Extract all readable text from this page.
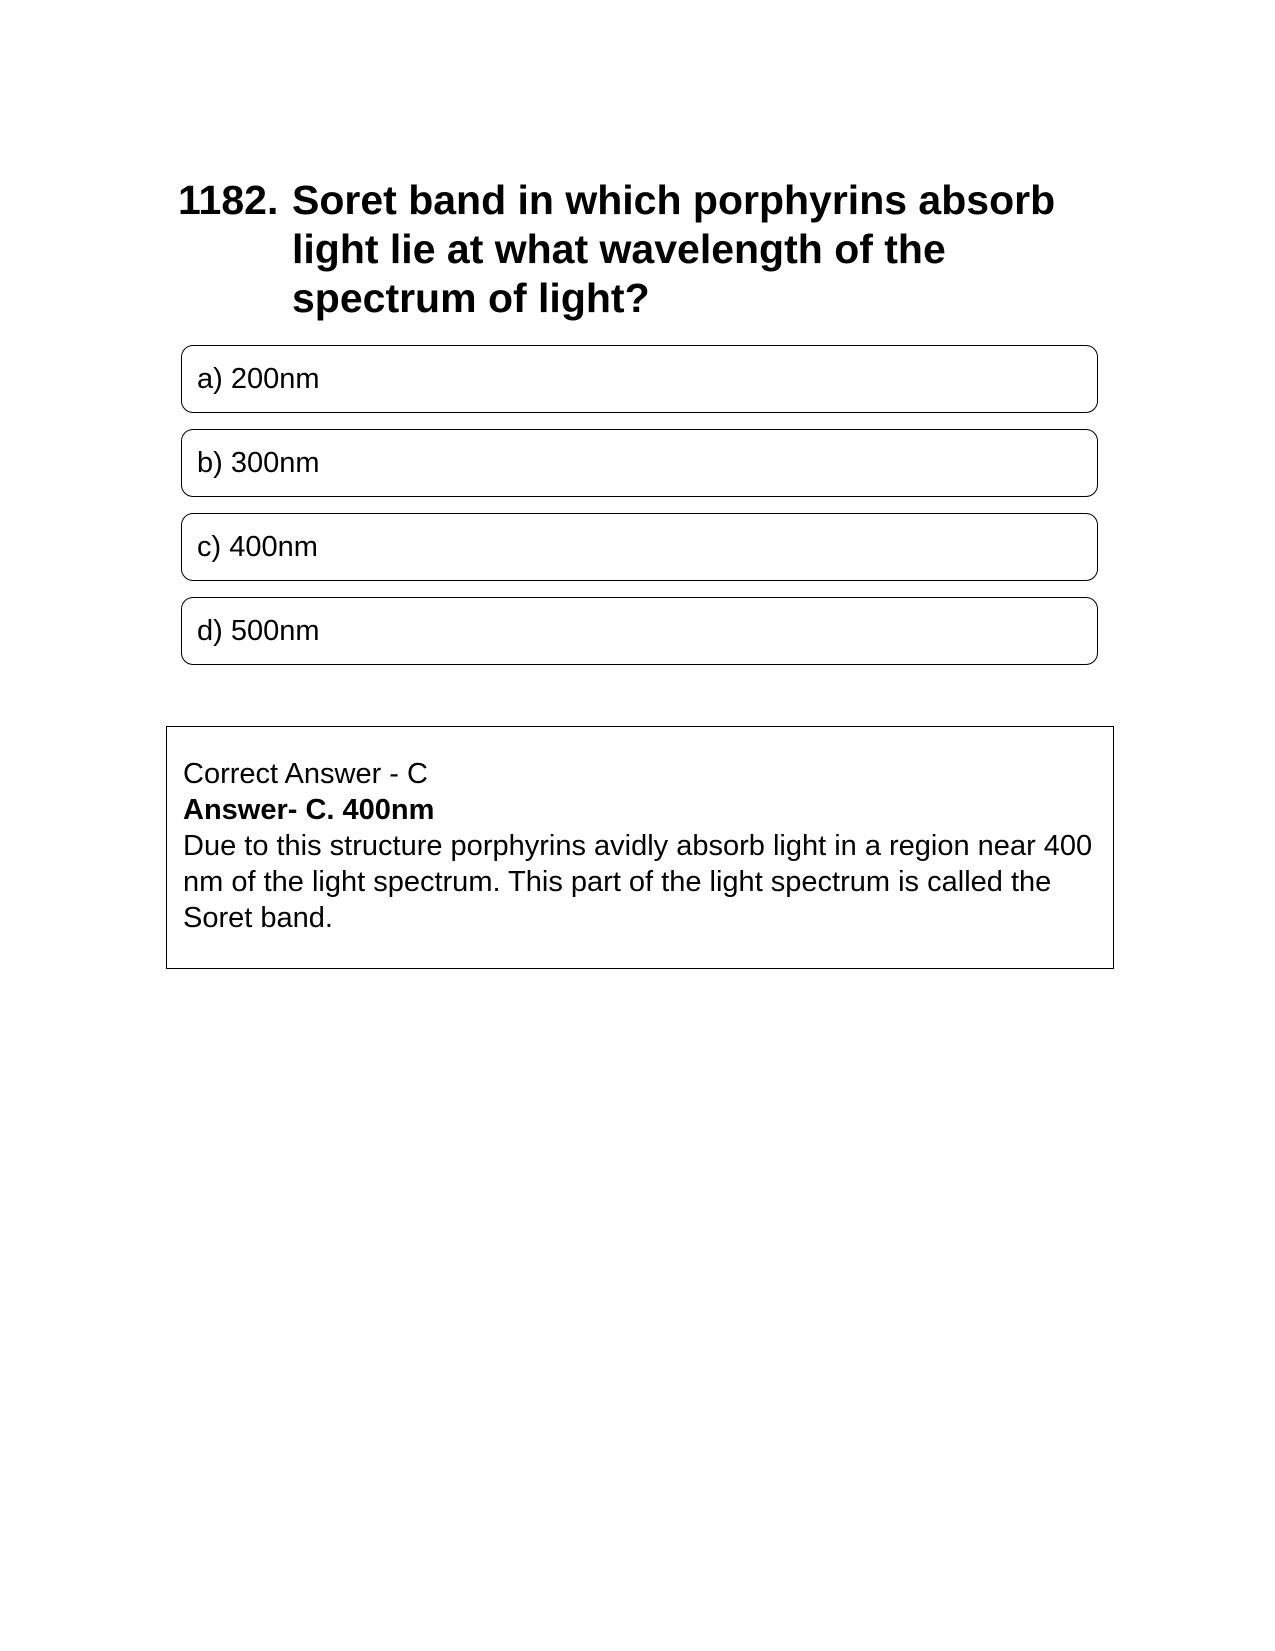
1182. Soret band in which porphyrins absorb light lie at what wavelength of the spectrum of light?
a) 200nm
b) 300nm
c) 400nm
d) 500nm
Correct Answer - C
Answer- C. 400nm
Due to this structure porphyrins avidly absorb light in a region near 400 nm of the light spectrum. This part of the light spectrum is called the Soret band.
